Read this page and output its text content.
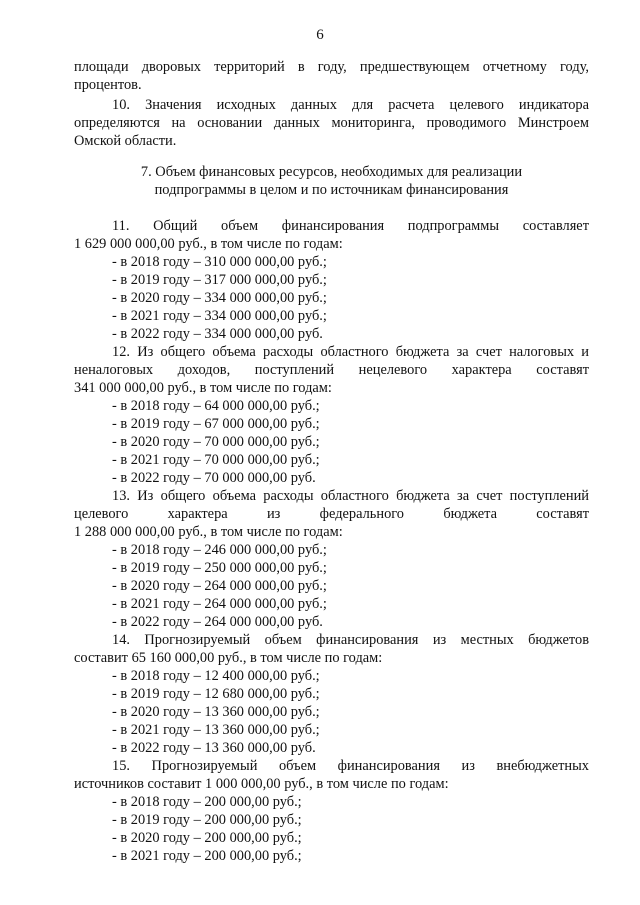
6

площади дворовых территорий в году, предшествующем отчетному году,

процентов.

10. Значения исходных данных для расчета целевого индикатора

определяются на основании данных мониторинга, проводимого Минстроем

Омской области.

7. Объем финансовых ресурсов, необходимых для реализации

подпрограммы в целом и по источникам финансирования

11. Общий объем финансирования подпрограммы составляет

1 629 000 000,00 руб., в том числе по годам:

- в 2018 году – 310 000 000,00 руб.;

- в 2019 году – 317 000 000,00 руб.;

- в 2020 году – 334 000 000,00 руб.;

- в 2021 году – 334 000 000,00 руб.;

- в 2022 году – 334 000 000,00 руб.

12. Из общего объема расходы областного бюджета за счет налоговых и

неналоговых доходов, поступлений нецелевого характера составят

341 000 000,00 руб., в том числе по годам:

- в 2018 году – 64 000 000,00 руб.;

- в 2019 году – 67 000 000,00 руб.;

- в 2020 году – 70 000 000,00 руб.;

- в 2021 году – 70 000 000,00 руб.;

- в 2022 году – 70 000 000,00 руб.

13. Из общего объема расходы областного бюджета за счет поступлений

целевого характера из федерального бюджета составят

1 288 000 000,00 руб., в том числе по годам:

- в 2018 году – 246 000 000,00 руб.;

- в 2019 году – 250 000 000,00 руб.;

- в 2020 году – 264 000 000,00 руб.;

- в 2021 году – 264 000 000,00 руб.;

- в 2022 году – 264 000 000,00 руб.

14. Прогнозируемый объем финансирования из местных бюджетов

составит 65 160 000,00 руб., в том числе по годам:

- в 2018 году – 12 400 000,00 руб.;

- в 2019 году – 12 680 000,00 руб.;

- в 2020 году – 13 360 000,00 руб.;

- в 2021 году – 13 360 000,00 руб.;

- в 2022 году – 13 360 000,00 руб.

15. Прогнозируемый объем финансирования из внебюджетных

источников составит 1 000 000,00 руб., в том числе по годам:

- в 2018 году – 200 000,00 руб.;

- в 2019 году – 200 000,00 руб.;

- в 2020 году – 200 000,00 руб.;

- в 2021 году – 200 000,00 руб.;
